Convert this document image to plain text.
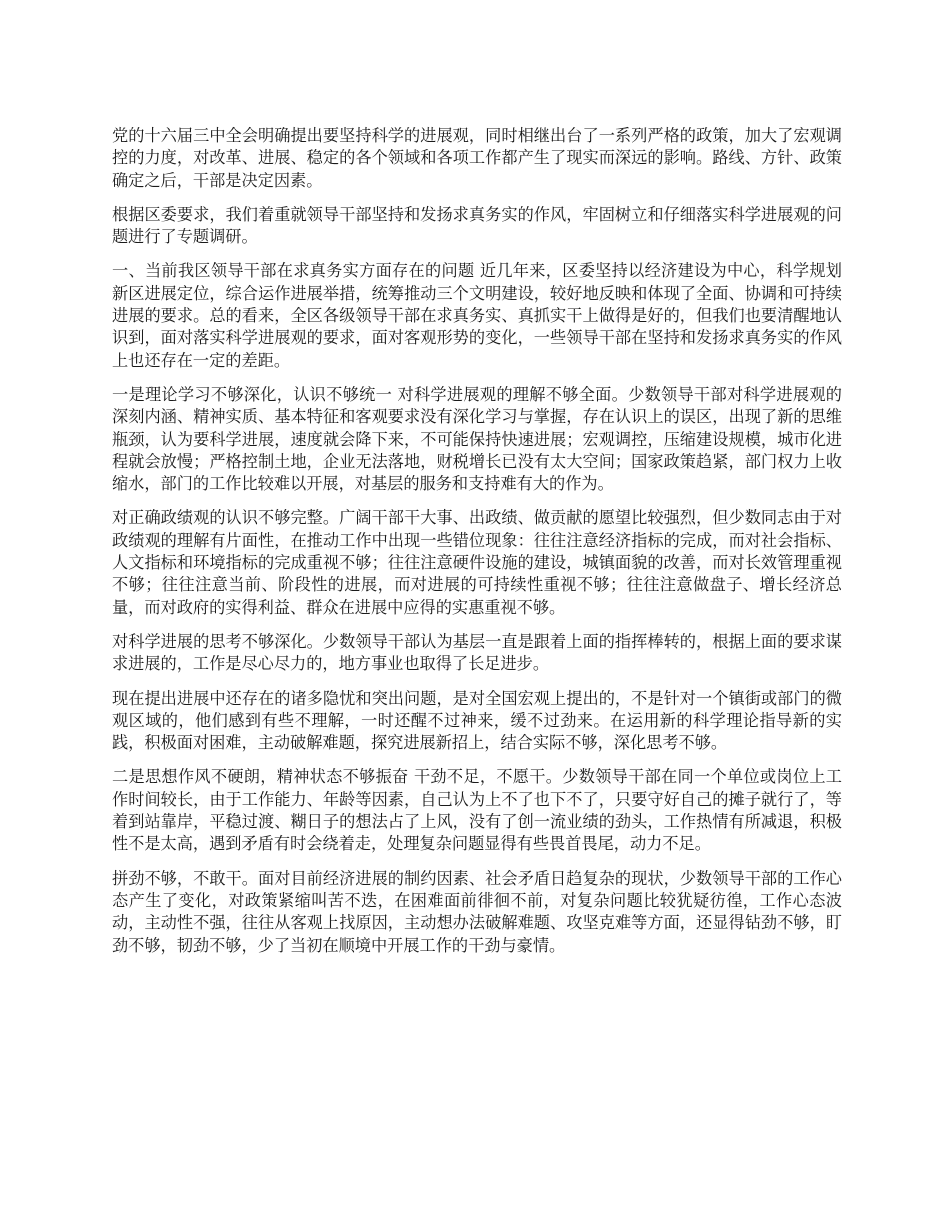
党的十六届三中全会明确提出要坚持科学的进展观，同时相继出台了一系列严格的政策，加大了宏观调控的力度，对改革、进展、稳定的各个领域和各项工作都产生了现实而深远的影响。路线、方针、政策确定之后，干部是决定因素。

根据区委要求，我们着重就领导干部坚持和发扬求真务实的作风，牢固树立和仔细落实科学进展观的问题进行了专题调研。

一、当前我区领导干部在求真务实方面存在的问题 近几年来，区委坚持以经济建设为中心，科学规划新区进展定位，综合运作进展举措，统筹推动三个文明建设，较好地反映和体现了全面、协调和可持续进展的要求。总的看来，全区各级领导干部在求真务实、真抓实干上做得是好的，但我们也要清醒地认识到，面对落实科学进展观的要求，面对客观形势的变化，一些领导干部在坚持和发扬求真务实的作风上也还存在一定的差距。

一是理论学习不够深化，认识不够统一 对科学进展观的理解不够全面。少数领导干部对科学进展观的深刻内涵、精神实质、基本特征和客观要求没有深化学习与掌握，存在认识上的误区，出现了新的思维瓶颈，认为要科学进展，速度就会降下来，不可能保持快速进展；宏观调控，压缩建设规模，城市化进程就会放慢；严格控制土地，企业无法落地，财税增长已没有太大空间；国家政策趋紧，部门权力上收缩水，部门的工作比较难以开展，对基层的服务和支持难有大的作为。

对正确政绩观的认识不够完整。广阔干部干大事、出政绩、做贡献的愿望比较强烈，但少数同志由于对政绩观的理解有片面性，在推动工作中出现一些错位现象：往往注意经济指标的完成，而对社会指标、人文指标和环境指标的完成重视不够；往往注意硬件设施的建设，城镇面貌的改善，而对长效管理重视不够；往往注意当前、阶段性的进展，而对进展的可持续性重视不够；往往注意做盘子、增长经济总量，而对政府的实得利益、群众在进展中应得的实惠重视不够。

对科学进展的思考不够深化。少数领导干部认为基层一直是跟着上面的指挥棒转的，根据上面的要求谋求进展的，工作是尽心尽力的，地方事业也取得了长足进步。

现在提出进展中还存在的诸多隐忧和突出问题，是对全国宏观上提出的，不是针对一个镇街或部门的微观区域的，他们感到有些不理解，一时还醒不过神来，缓不过劲来。在运用新的科学理论指导新的实践，积极面对困难，主动破解难题，探究进展新招上，结合实际不够，深化思考不够。

二是思想作风不硬朗，精神状态不够振奋 干劲不足，不愿干。少数领导干部在同一个单位或岗位上工作时间较长，由于工作能力、年龄等因素，自己认为上不了也下不了，只要守好自己的摊子就行了，等着到站靠岸，平稳过渡、糊日子的想法占了上风，没有了创一流业绩的劲头，工作热情有所减退，积极性不是太高，遇到矛盾有时会绕着走，处理复杂问题显得有些畏首畏尾，动力不足。

拼劲不够，不敢干。面对目前经济进展的制约因素、社会矛盾日趋复杂的现状，少数领导干部的工作心态产生了变化，对政策紧缩叫苦不迭，在困难面前徘徊不前，对复杂问题比较犹疑彷徨，工作心态波动，主动性不强，往往从客观上找原因，主动想办法破解难题、攻坚克难等方面，还显得钻劲不够，盯劲不够，韧劲不够，少了当初在顺境中开展工作的干劲与豪情。
